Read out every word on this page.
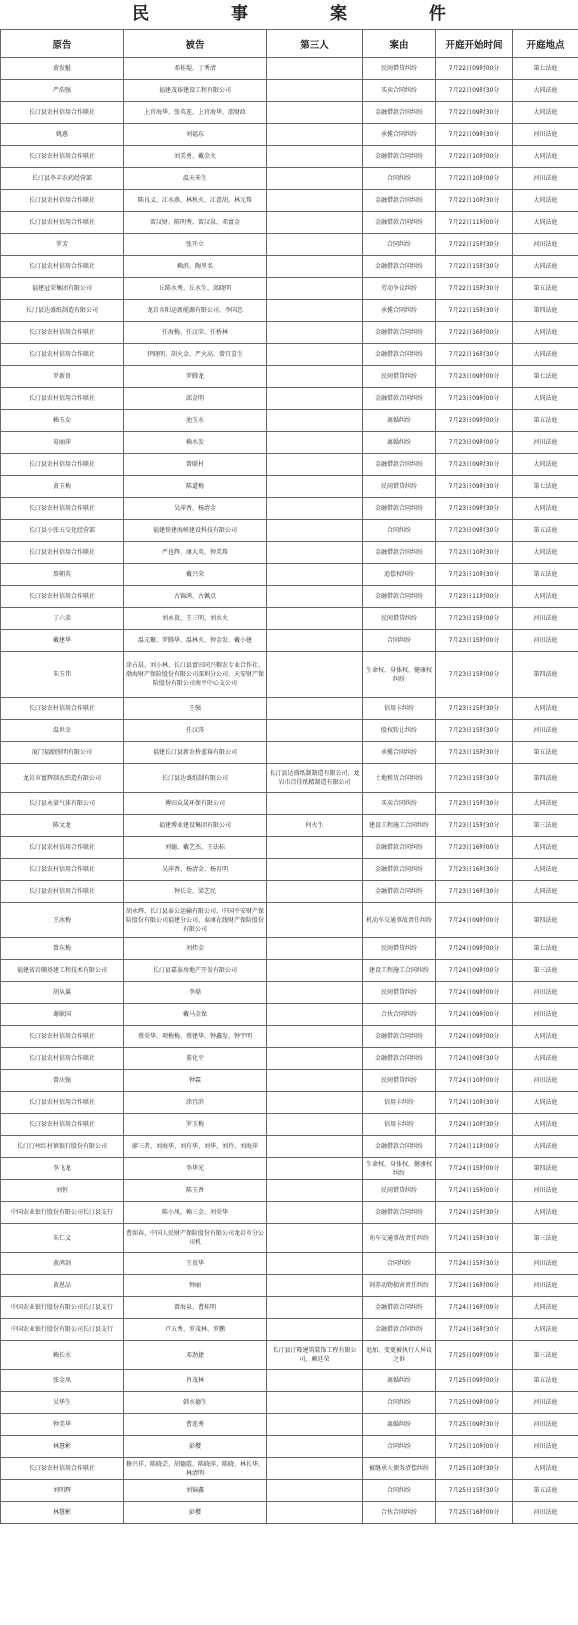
民 事 案 件
原告	被告	第三人	案由	开庭开始时间	开庭地点
黄发魁	邓桂堤、丁秀清		民间借贷纠纷	7月22日09时00分	第七法庭
严浩强	福建茂裕建设工程有限公司		买卖合同纠纷	7月22日09时30分	大同法庭
长汀县农村信用合作联社	上官海华、张英连、上官海华、邵财政		金融借款合同纠纷	7月22日09时30分	大同法庭
姚惠	刘福东		承揽合同纠纷	7月22日09时30分	河田法庭
长汀县农村信用合作联社	刘美勇、戴金火		金融借款合同纠纷	7月22日10时00分	大同法庭
长汀县李丰农药经营部	温天米生		合同纠纷	7月22日10时00分	河田法庭
长汀县农村信用合作联社	陈良义、江水燕、林秋火、江意胡、林元珠		金融借款合同纠纷	7月22日10时30分	大同法庭
长汀县农村信用合作联社	雷汉财、陈明秀、雷汉泉、邓富金		金融借款合同纠纷	7月22日11时00分	大同法庭
罗芳	张开立		合同纠纷	7月22日15时30分	河田法庭
长汀县农村信用合作联社	赖滨、陶里名		金融借款合同纠纷	7月22日15时30分	大同法庭
福建冠荣集团有限公司	丘陈水秀、丘水生、邱晓明		劳动争议纠纷	7月22日15时30分	第五法庭
长汀县达盛纸制造有限公司	龙岩市阳运新能源有限公司、李国忠		承揽合同纠纷	7月22日15时30分	第四法庭
长汀县农村信用合作联社	任海梅、任汉荣、任桥林		金融借款合同纠纷	7月22日16时00分	大同法庭
长汀县农村信用合作联社	伊晓明、胡火金、严火高、曾宜喜生		金融借款合同纠纷	7月22日16时30分	大同法庭
罗新贵	罗腾龙		民间借贷纠纷	7月23日09时00分	第七法庭
长汀县农村信用合作联社	邱金明		金融借款合同纠纷	7月23日09时00分	大同法庭
赖玉女	池玉水		离婚纠纷	7月23日09时00分	第五法庭
易丽萍	赖水发		离婚纠纷	7月23日09时00分	河田法庭
长汀县农村信用合作联社	曾联村		金融借款合同纠纷	7月23日09时30分	大同法庭
黄玉梅	陈道梅		民间借贷纠纷	7月23日09时30分	第七法庭
长汀县农村信用合作联社	吴萍香、杨清金		金融借款合同纠纷	7月23日09时30分	大同法庭
长汀县小张五交化经营部	福建铁建海峡建设科技有限公司		合同纠纷	7月23日09时30分	第五法庭
长汀县农村信用合作联社	严也辉、康大英、钟美珠		金融借款合同纠纷	7月23日10时30分	大同法庭
詹朝英	戴兴荣		追偿权纠纷	7月23日10时30分	第五法庭
长汀县农村信用合作联社	古锦鸿、古佩点		金融借款合同纠纷	7月23日11时00分	大同法庭
丁六弟	刘永贵、王三明、刘水火		民间借贷纠纷	7月23日15时00分	河田法庭
戴建华	温元聚、罗腾华、温林火、钟金发、戴小建		合同纠纷	7月23日15时00分	河田法庭
朱玉伟	涂占晨、刘小林、长汀县富田同兴粮农专业合作社、渤海财产保险股份有限公司深圳分公司、天安财产保险股份有限公司南平中心支公司		生命权、身体权、健康权纠纷	7月23日15时00分	第四法庭
长汀县农村信用合作联社	王强		信用卡纠纷	7月23日15时30分	大同法庭
温世幸	任汉涛		股权转让纠纷	7月23日15时30分	河田法庭
厦门福励照明有限公司	福建长汀县新农桥蓝莓有限公司		承揽合同纠纷	7月23日15时30分	第五法庭
龙岩市富辉制衣织造有限公司	长汀县达盛纸制有限公司	长汀县达盛纸制制造有限公司、龙岩市百佳纸精制造有限公司	土地租赁合同纠纷	7月23日15时30分	第四法庭
长汀县永豪气体有限公司	傅田众晟环保有限公司		买卖合同纠纷	7月23日15时30分	大同法庭
陈文龙	福建博业建设集团有限公司	何火生	建设工程施工合同纠纷	7月23日15时30分	第三法庭
长汀县农村信用合作联社	刘德、戴艺杰、王法标		金融借款合同纠纷	7月23日16时00分	大同法庭
长汀县农村信用合作联社	吴萍香、杨清金、杨育明		金融借款合同纠纷	7月23日16时30分	大同法庭
长汀县农村信用合作联社	钟长金、梁艺民		金融借款合同纠纷	7月23日16时30分	大同法庭
王冰梅	胡永辉、长汀县泰公运输有限公司、中国平安财产保险股份有限公司福建分公司、泰康在线财产保险股份有限公司		机动车交通事故责任纠纷	7月24日09时00分	第四法庭
曾东梅	刘炜金		民间借贷纠纷	7月24日09时00分	第七法庭
福建省岩顺基建工程技术有限公司	长汀县嘉泰房地产开发有限公司		建设工程施工合同纠纷	7月24日09时00分	第三法庭
胡从翼	李鼎		民间借贷纠纷	7月24日09时00分	河田法庭
谢耿国	戴马金保		合伙合同纠纷	7月24日09时00分	河田法庭
长汀县农村信用合作联社	蔡荣华、项梅梅、蔡建华、钟鑫发、钟宇明		金融借款合同纠纷	7月24日09时00分	大同法庭
长汀县农村信用合作联社	董化平		金融借款合同纠纷	7月24日09时30分	大同法庭
曾庆强	钟霖		民间借贷纠纷	7月24日10时00分	河田法庭
长汀县农村信用合作联社	涂宜滨		信用卡纠纷	7月24日10时30分	大同法庭
长汀县农村信用合作联社	罗玉梅		信用卡纠纷	7月24日10时30分	大同法庭
长汀汀州红村镇银行股份有限公司	廖三者、刘海华、刘有华、刘华、刘玲、刘海萍		金融借款合同纠纷	7月24日11时00分	大同法庭
李飞龙	李华光		生命权、身体权、健康权纠纷	7月24日15时00分	第四法庭
刘恒	陈玉香		民间借贷纠纷	7月24日15时00分	河田法庭
中国农业银行股份有限公司长汀县支行	陈小凤、赖三金、刘荣华		金融借款合同纠纷	7月24日15时30分	大同法庭
朱仁义	曹如春、中国人民财产保险股份有限公司龙岩市分公司机		劝车交通事故责任纠纷	7月24日15时30分	第三法庭
黄鸿剑	王贵华		合同纠纷	7月24日15时30分	河田法庭
黄恩品	钟丽		饲养动物损害责任纠纷	7月24日16时00分	河田法庭
中国农业银行股份有限公司长汀县支行	曾海泉、曹桂明		金融借款合同纠纷	7月24日16时00分	大同法庭
中国农业银行股份有限公司长汀县支行	卢五秀、罗茂林、罗鹏		金融借款合同纠纷	7月24日16时30分	大同法庭
赖长水	邓劲捷	长汀县汀隆建筑装饰工程有限公司、赖廷荣	追加、变更被执行人异议之诉	7月25日09时00分	第三法庭
张金凤	肖茂林		离婚纠纷	7月25日09时00分	第五法庭
吴华生	韩水德生		合同纠纷	7月25日09时00分	河田法庭
钟美华	曹连秀		离婚纠纷	7月25日09时30分	河田法庭
林慧彬	彭樱		合同纠纷	7月25日10时00分	河田法庭
长汀县农村信用合作联社	修兴祥、陈晓芸、胡德霞、陈晓萍、陈晓、林长华、林清明		被继承人债务清偿纠纷	7月25日10时30分	大同法庭
刘明辉	刘锦鑫		合同纠纷	7月25日15时30分	第五法庭
林慧彬	彭樱		合伙合同纠纷	7月25日16时00分	河田法庭
